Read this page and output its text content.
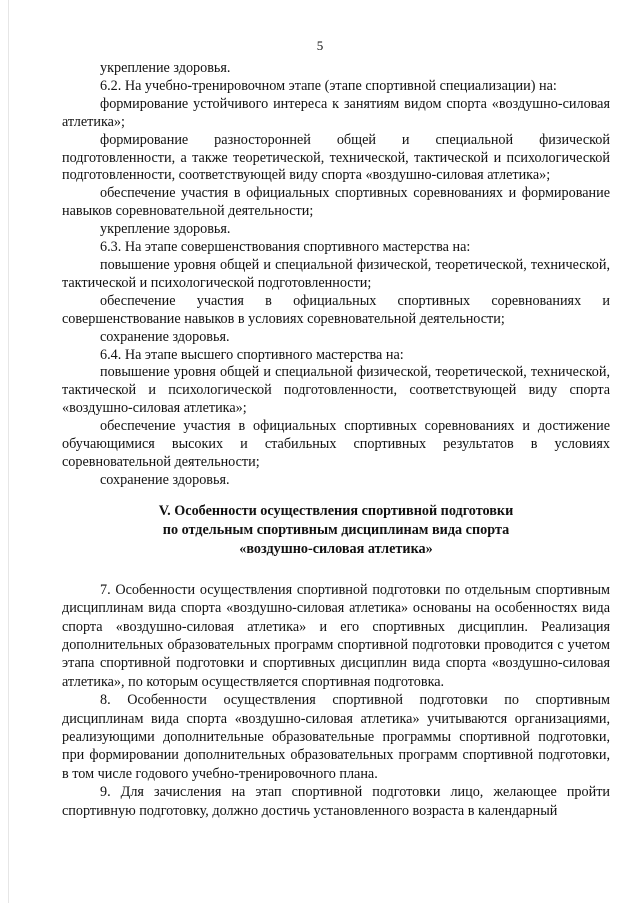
5

укрепление здоровья.

6.2. На учебно-тренировочном этапе (этапе спортивной специализации) на:

формирование устойчивого интереса к занятиям видом спорта «воздушно-силовая атлетика»;

формирование разносторонней общей и специальной физической подготовленности, а также теоретической, технической, тактической и психологической подготовленности, соответствующей виду спорта «воздушно-силовая атлетика»;

обеспечение участия в официальных спортивных соревнованиях и формирование навыков соревновательной деятельности;

укрепление здоровья.

6.3. На этапе совершенствования спортивного мастерства на:

повышение уровня общей и специальной физической, теоретической, технической, тактической и психологической подготовленности;

обеспечение участия в официальных спортивных соревнованиях и совершенствование навыков в условиях соревновательной деятельности;

сохранение здоровья.

6.4. На этапе высшего спортивного мастерства на:

повышение уровня общей и специальной физической, теоретической, технической, тактической и психологической подготовленности, соответствующей виду спорта «воздушно-силовая атлетика»;

обеспечение участия в официальных спортивных соревнованиях и достижение обучающимися высоких и стабильных спортивных результатов в условиях соревновательной деятельности;

сохранение здоровья.

V. Особенности осуществления спортивной подготовки
по отдельным спортивным дисциплинам вида спорта
«воздушно-силовая атлетика»

7. Особенности осуществления спортивной подготовки по отдельным спортивным дисциплинам вида спорта «воздушно-силовая атлетика» основаны на особенностях вида спорта «воздушно-силовая атлетика» и его спортивных дисциплин. Реализация дополнительных образовательных программ спортивной подготовки проводится с учетом этапа спортивной подготовки и спортивных дисциплин вида спорта «воздушно-силовая атлетика», по которым осуществляется спортивная подготовка.

8. Особенности осуществления спортивной подготовки по спортивным дисциплинам вида спорта «воздушно-силовая атлетика» учитываются организациями, реализующими дополнительные образовательные программы спортивной подготовки, при формировании дополнительных образовательных программ спортивной подготовки, в том числе годового учебно-тренировочного плана.

9. Для зачисления на этап спортивной подготовки лицо, желающее пройти спортивную подготовку, должно достичь установленного возраста в календарный
